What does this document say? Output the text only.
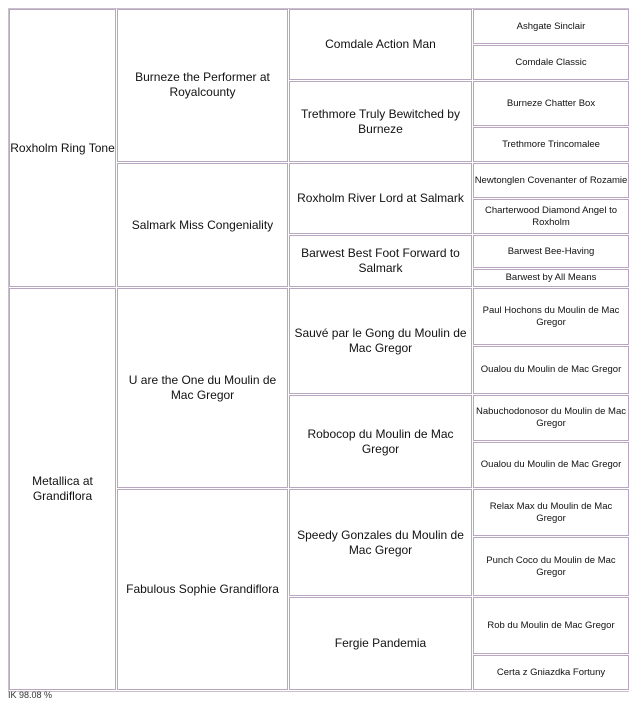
Roxholm Ring Tone
Metallica at Grandiflora
Burneze the Performer at Royalcounty
Salmark Miss Congeniality
U are the One du Moulin de Mac Gregor
Fabulous Sophie Grandiflora
Comdale Action Man
Trethmore Truly Bewitched by Burneze
Roxholm River Lord at Salmark
Barwest Best Foot Forward to Salmark
Sauvé par le Gong du Moulin de Mac Gregor
Robocop du Moulin de Mac Gregor
Speedy Gonzales du Moulin de Mac Gregor
Fergie Pandemia
Ashgate Sinclair
Comdale Classic
Burneze Chatter Box
Trethmore Trincomalee
Newtonglen Covenanter of Rozamie
Charterwood Diamond Angel to Roxholm
Barwest Bee-Having
Barwest by All Means
Paul Hochons du Moulin de Mac Gregor
Oualou du Moulin de Mac Gregor
Nabuchodonosor du Moulin de Mac Gregor
Oualou du Moulin de Mac Gregor
Relax Max du Moulin de Mac Gregor
Punch Coco du Moulin de Mac Gregor
Rob du Moulin de Mac Gregor
Certa z Gniazdka Fortuny
IK 98.08 %
